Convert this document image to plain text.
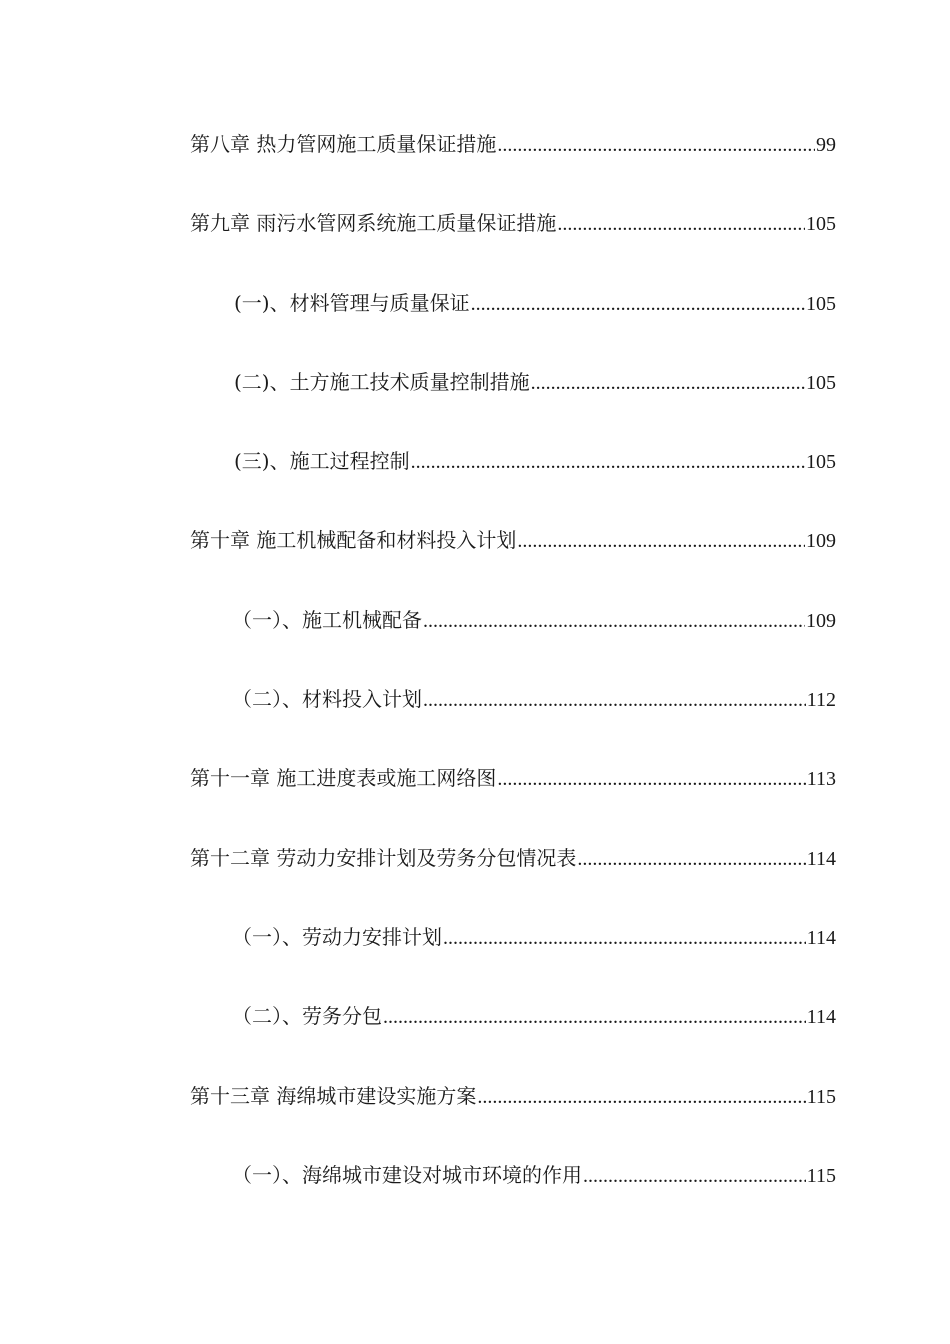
第八章 热力管网施工质量保证措施 .....	99
第九章 雨污水管网系统施工质量保证措施 .....	105
(一)、材料管理与质量保证 .....	105
(二)、土方施工技术质量控制措施 .....	105
(三)、施工过程控制 .....	105
第十章 施工机械配备和材料投入计划 .....	109
（一）、施工机械配备 .....	109
（二）、材料投入计划 .....	112
第十一章 施工进度表或施工网络图 .....	113
第十二章 劳动力安排计划及劳务分包情况表 .....	114
（一）、劳动力安排计划 .....	114
（二）、劳务分包 .....	114
第十三章 海绵城市建设实施方案 .....	115
（一）、海绵城市建设对城市环境的作用 .....	115
